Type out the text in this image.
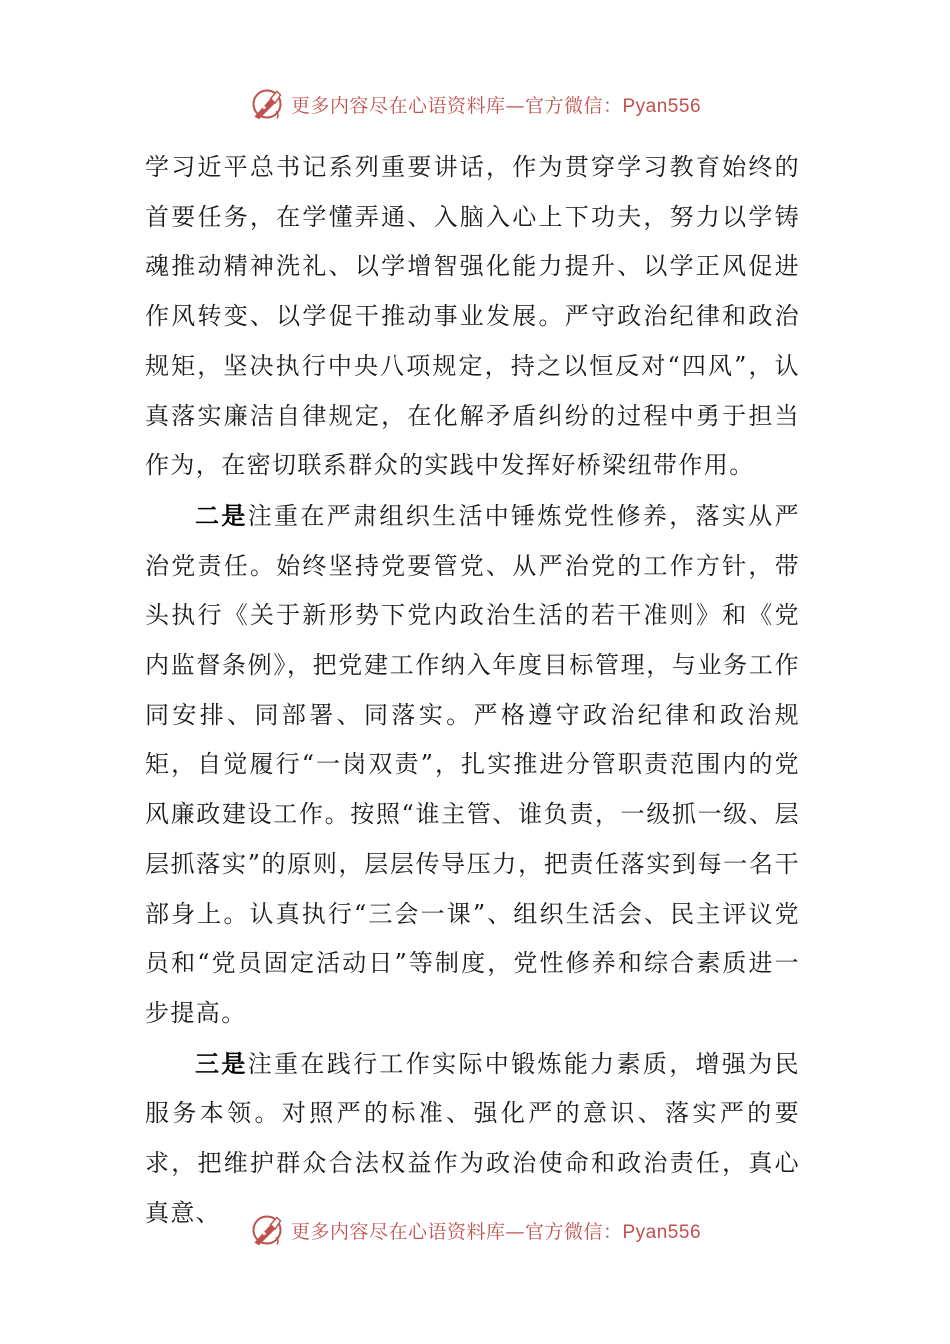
更多内容尽在心语资料库—官方微信：Pyan556

学习近平总书记系列重要讲话，作为贯穿学习教育始终的首要任务，在学懂弄通、入脑入心上下功夫，努力以学铸魂推动精神洗礼、以学增智强化能力提升、以学正风促进作风转变、以学促干推动事业发展。严守政治纪律和政治规矩，坚决执行中央八项规定，持之以恒反对“四风”，认真落实廉洁自律规定，在化解矛盾纠纷的过程中勇于担当作为，在密切联系群众的实践中发挥好桥梁纽带作用。

二是注重在严肃组织生活中锤炼党性修养，落实从严治党责任。始终坚持党要管党、从严治党的工作方针，带头执行《关于新形势下党内政治生活的若干准则》和《党内监督条例》，把党建工作纳入年度目标管理，与业务工作同安排、同部署、同落实。严格遵守政治纪律和政治规矩，自觉履行“一岗双责”，扎实推进分管职责范围内的党风廉政建设工作。按照“谁主管、谁负责，一级抓一级、层层抓落实”的原则，层层传导压力，把责任落实到每一名干部身上。认真执行“三会一课”、组织生活会、民主评议党员和“党员固定活动日”等制度，党性修养和综合素质进一步提高。

三是注重在践行工作实际中锻炼能力素质，增强为民服务本领。对照严的标准、强化严的意识、落实严的要求，把维护群众合法权益作为政治使命和政治责任，真心真意、

更多内容尽在心语资料库—官方微信：Pyan556
